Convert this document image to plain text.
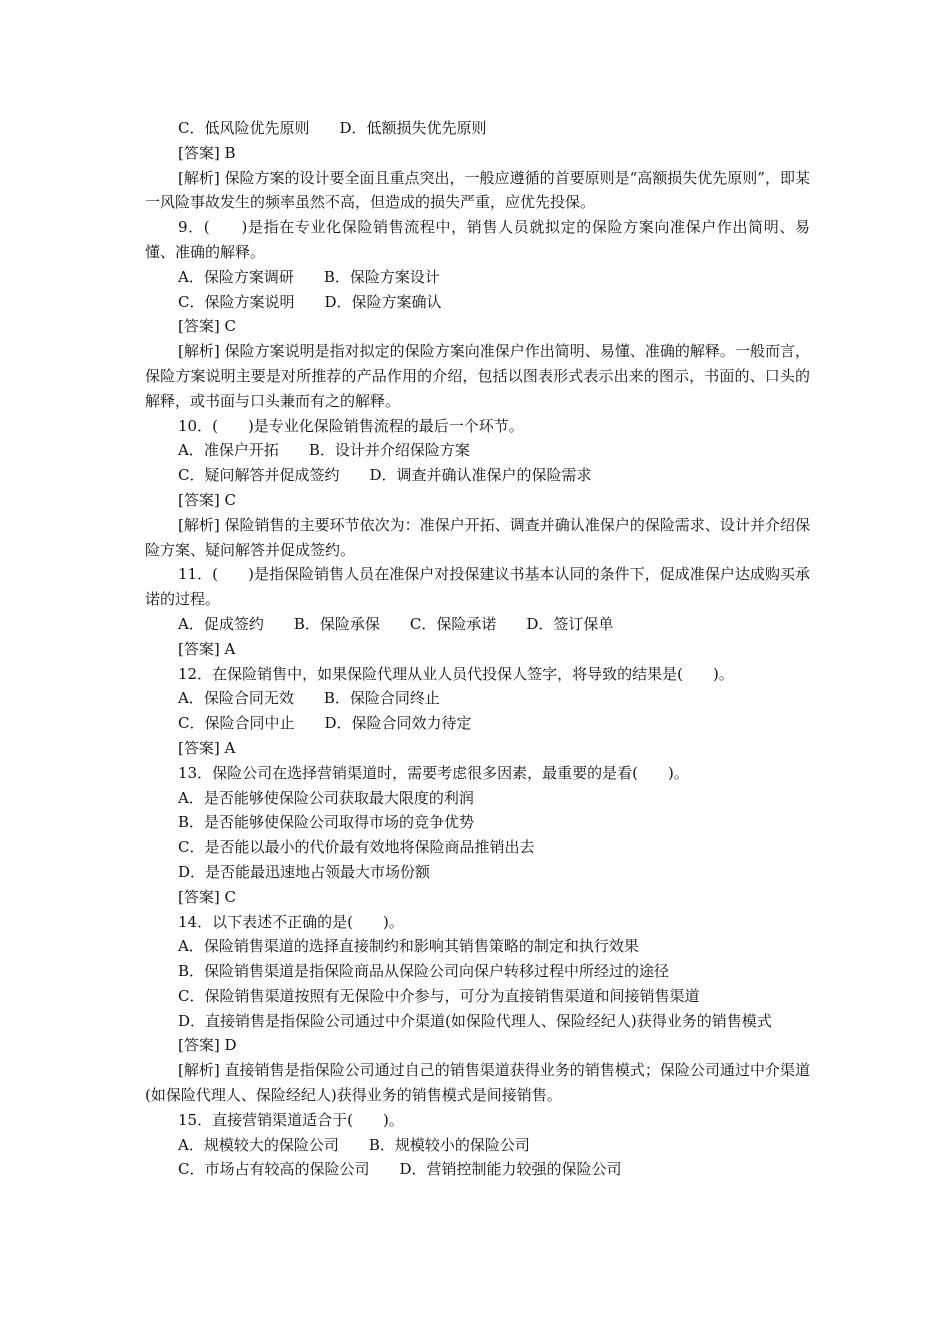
C．低风险优先原则　　D．低额损失优先原则

[答案] B

[解析] 保险方案的设计要全面且重点突出，一般应遵循的首要原则是“高额损失优先原则”，即某一风险事故发生的频率虽然不高，但造成的损失严重，应优先投保。

9．(　　)是指在专业化保险销售流程中，销售人员就拟定的保险方案向准保户作出简明、易懂、准确的解释。

A．保险方案调研　　B．保险方案设计

C．保险方案说明　　D．保险方案确认

[答案] C

[解析] 保险方案说明是指对拟定的保险方案向准保户作出简明、易懂、准确的解释。一般而言，保险方案说明主要是对所推荐的产品作用的介绍，包括以图表形式表示出来的图示，书面的、口头的解释，或书面与口头兼而有之的解释。

10．(　　)是专业化保险销售流程的最后一个环节。

A．准保户开拓　　B．设计并介绍保险方案

C．疑问解答并促成签约　　D．调查并确认准保户的保险需求

[答案] C

[解析] 保险销售的主要环节依次为：准保户开拓、调查并确认准保户的保险需求、设计并介绍保险方案、疑问解答并促成签约。

11．(　　)是指保险销售人员在准保户对投保建议书基本认同的条件下，促成准保户达成购买承诺的过程。

A．促成签约　　B．保险承保　　C．保险承诺　　D．签订保单

[答案] A

12．在保险销售中，如果保险代理从业人员代投保人签字，将导致的结果是(　　)。

A．保险合同无效　　B．保险合同终止

C．保险合同中止　　D．保险合同效力待定

[答案] A

13．保险公司在选择营销渠道时，需要考虑很多因素，最重要的是看(　　)。

A．是否能够使保险公司获取最大限度的利润

B．是否能够使保险公司取得市场的竞争优势

C．是否能以最小的代价最有效地将保险商品推销出去

D．是否能最迅速地占领最大市场份额

[答案] C

14．以下表述不正确的是(　　)。

A．保险销售渠道的选择直接制约和影响其销售策略的制定和执行效果

B．保险销售渠道是指保险商品从保险公司向保户转移过程中所经过的途径

C．保险销售渠道按照有无保险中介参与，可分为直接销售渠道和间接销售渠道

D．直接销售是指保险公司通过中介渠道(如保险代理人、保险经纪人)获得业务的销售模式

[答案] D

[解析] 直接销售是指保险公司通过自己的销售渠道获得业务的销售模式；保险公司通过中介渠道(如保险代理人、保险经纪人)获得业务的销售模式是间接销售。

15．直接营销渠道适合于(　　)。

A．规模较大的保险公司　　B．规模较小的保险公司

C．市场占有较高的保险公司　　D．营销控制能力较强的保险公司
